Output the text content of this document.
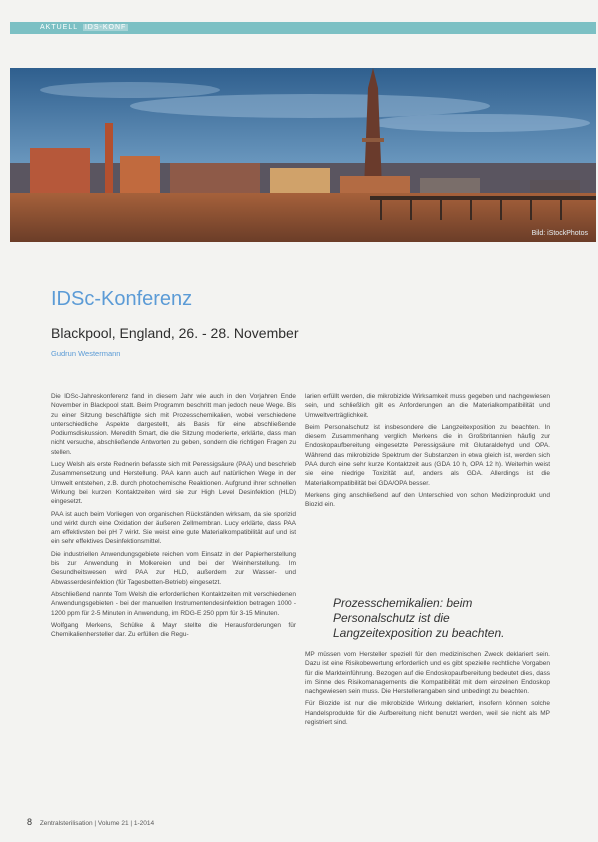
AKTUELL IDS-KONF
Bild: iStockPhotos
IDSc-Konferenz
Blackpool, England, 26. - 28. November
Gudrun Westermann

Die IDSc-Jahreskonferenz fand in diesem Jahr wie auch in den Vorjahren Ende November in Blackpool statt. Beim Programm beschritt man jedoch neue Wege. Bis zu einer Sitzung beschäftigte sich mit Prozesschemikalien, wobei verschiedene unterschiedliche Aspekte dargestellt, als Basis für eine abschließende Podiumsdiskussion. Meredith Smart, die die Sitzung moderierte, erklärte, dass man nicht versuche, abschließende Antworten zu geben, sondern die richtigen Fragen zu stellen.

Lucy Welsh als erste Rednerin befasste sich mit Peressigsäure (PAA) und beschrieb Zusammensetzung und Herstellung. PAA kann auch auf natürlichen Wege in der Umwelt entstehen, z.B. durch photochemische Reaktionen. Aufgrund ihrer schnellen Wirkung bei kurzen Kontaktzeiten wird sie zur High Level Desinfektion (HLD) eingesetzt.

PAA ist auch beim Vorliegen von organischen Rückständen wirksam, da sie sporizid und wirkt durch eine Oxidation der äußeren Zellmembran. Lucy erklärte, dass PAA am effektivsten bei pH 7 wirkt. Sie weist eine gute Materialkompatibilität auf und ist ein sehr effektives Desinfektionsmittel.

Die industriellen Anwendungsgebiete reichen vom Einsatz in der Papierherstellung bis zur Anwendung in Molkereien und bei der Weinherstellung. Im Gesundheitswesen wird PAA zur HLD, außerdem zur Wasser- und Abwasserdesinfektion (für Tagesbetten-Betrieb) eingesetzt.

Abschließend nannte Tom Welsh die erforderlichen Kontaktzeiten mit verschiedenen Anwendungsgebieten - bei der manuellen Instrumentendesinfektion betragen 1000 - 1200 ppm für 2-5 Minuten in Anwendung, im RDG-E 250 ppm für 3-15 Minuten.

Wolfgang Merkens, Schülke & Mayr stellte die Herausforderungen für Chemikalienhersteller dar. Zu erfüllen die Regu-

larien erfüllt werden, die mikrobizide Wirksamkeit muss gegeben und nachgewiesen sein, und schließlich gilt es Anforderungen an die Materialkompatibilität und Umweltverträglichkeit.

Beim Personalschutz ist insbesondere die Langzeitexposition zu beachten. In diesem Zusammenhang verglich Merkens die in Großbritannien häufig zur Endoskopaufbereitung eingesetzte Peressigsäure mit Glutaraldehyd und OPA. Während das mikrobizide Spektrum der Substanzen in etwa gleich ist, werden sich PAA durch eine sehr kurze Kontaktzeit aus (GDA 10 h, OPA 12 h). Weiterhin weist sie eine niedrige Toxizität auf, anders als GDA. Allerdings ist die Materialkompatibilität bei GDA/OPA besser.

Merkens ging anschließend auf den Unterschied von schon Medizinprodukt und Biozid ein.

Prozesschemikalien: beim Personalschutz ist die Langzeitexposition zu beachten.

MP müssen vom Hersteller speziell für den medizinischen Zweck deklariert sein. Dazu ist eine Risikobewertung erforderlich und es gibt spezielle rechtliche Vorgaben für die Markteinführung. Bezogen auf die Endoskopaufbereitung bedeutet dies, dass im Sinne des Risikomanagements die Kompatibilität mit dem einzelnen Endoskop nachgewiesen sein muss. Die Herstellerangaben sind unbedingt zu beachten.

Für Biozide ist nur die mikrobizide Wirkung deklariert, insofern können solche Handelsprodukte für die Aufbereitung nicht benutzt werden, weil sie nicht als MP registriert sind.

8 Zentralsterilisation | Volume 21 | 1-2014
